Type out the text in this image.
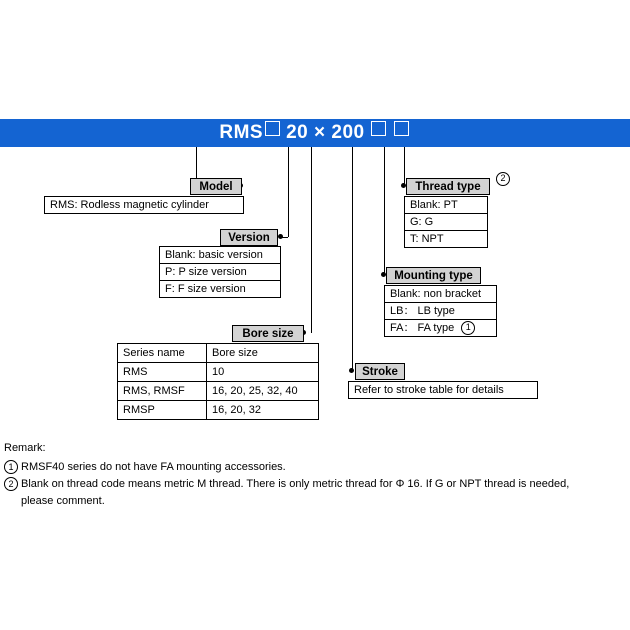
RMS 20 × 200
Model
RMS: Rodless magnetic cylinder
Version
Blank: basic version
P: P size version
F: F size version
Bore size
Series name	Bore size
RMS	10
RMS, RMSF	16, 20, 25, 32, 40
RMSP	16, 20, 32
Stroke
Refer to stroke table for details
Mounting type
Blank: non bracket
LB： LB type
FA： FA type 1
Thread type
2
Blank: PT
G: G
T: NPT
Remark:
1 RMSF40 series do not have FA mounting accessories.
2 Blank on thread code means metric M thread. There is only metric thread for Φ 16. If G or NPT thread is needed,
please comment.
